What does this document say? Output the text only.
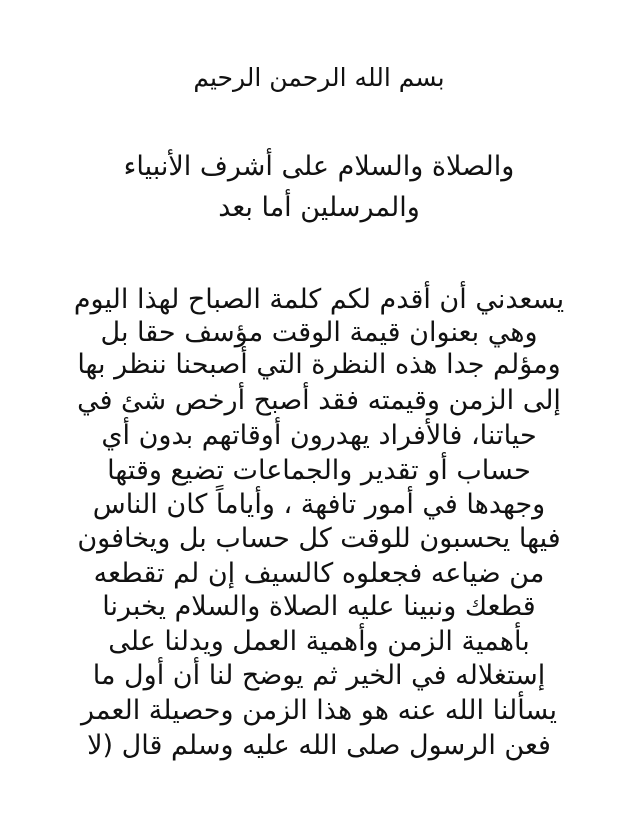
بسم الله الرحمن الرحيم
والصلاة والسلام على أشرف الأنبياء
والمرسلين أما بعد
يسعدني أن أقدم لكم كلمة الصباح لهذا اليوم
وهي بعنوان قيمة الوقت مؤسف حقا بل
ومؤلم جدا هذه النظرة التي أصبحنا ننظر بها
إلى الزمن وقيمته فقد أصبح أرخص شئ في
حياتنا، فالأفراد يهدرون أوقاتهم بدون أي
حساب أو تقدير والجماعات تضيع وقتها
وجهدها في أمور تافهة ، وأياماً كان الناس
فيها يحسبون للوقت كل حساب بل ويخافون
من ضياعه فجعلوه كالسيف إن لم تقطعه
قطعك ونبينا عليه الصلاة والسلام يخبرنا
بأهمية الزمن وأهمية العمل ويدلنا على
إستغلاله في الخير ثم يوضح لنا أن أول ما
يسألنا الله عنه هو هذا الزمن وحصيلة العمر
فعن الرسول صلى الله عليه وسلم قال (لا
